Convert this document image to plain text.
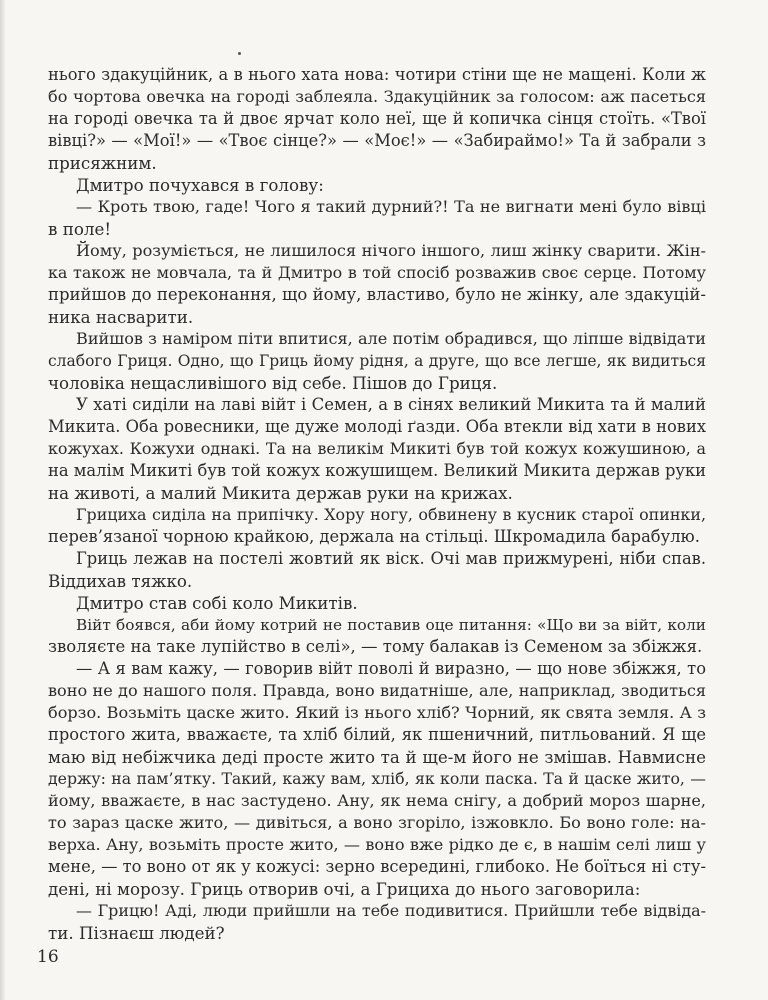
нього здакуційник, а в нього хата нова: чотири стіни ще не мащені. Коли ж
бо чортова овечка на городі заблеяла. Здакуційник за голосом: аж пасеться
на городі овечка та й двоє ярчат коло неї, ще й копичка сінця стоїть. «Твої
вівці?» — «Мої!» — «Твоє сінце?» — «Моє!» — «Забираймо!» Та й забрали з
присяжним.
Дмитро почухався в голову:
— Кроть твою, гаде! Чого я такий дурний?! Та не вигнати мені було вівці
в поле!
Йому, розуміється, не лишилося нічого іншого, лиш жінку сварити. Жін-
ка також не мовчала, та й Дмитро в той спосіб розважив своє серце. Потому
прийшов до переконання, що йому, властиво, було не жінку, але здакуцій-
ника насварити.
Вийшов з наміром піти впитися, але потім обрадився, що ліпше відвідати
слабого Гриця. Одно, що Гриць йому рідня, а друге, що все легше, як видиться
чоловіка нещасливішого від себе. Пішов до Гриця.
У хаті сиділи на лаві війт і Семен, а в сінях великий Микита та й малий
Микита. Оба ровесники, ще дуже молоді ґазди. Оба втекли від хати в нових
кожухах. Кожухи однакі. Та на великім Микиті був той кожух кожушиною, а
на малім Микиті був той кожух кожушищем. Великий Микита держав руки
на животі, а малий Микита держав руки на крижах.
Грициха сиділа на припічку. Хору ногу, обвинену в кусник старої опинки,
перев’язаної чорною крайкою, держала на стільці. Шкромадила барабулю.
Гриць лежав на постелі жовтий як віск. Очі мав прижмурені, ніби спав.
Віддихав тяжко.
Дмитро став собі коло Микитів.
Війт боявся, аби йому котрий не поставив оце питання: «Що ви за війт, коли
зволяєте на таке лупійство в селі», — тому балакав із Семеном за збіжжя.
— А я вам кажу, — говорив війт поволі й виразно, — що нове збіжжя, то
воно не до нашого поля. Правда, воно видатніше, але, наприклад, зводиться
борзо. Возьміть цаске жито. Який із нього хліб? Чорний, як свята земля. А з
простого жита, вважаєте, та хліб білий, як пшеничний, питльований. Я ще
маю від небіжчика деді просте жито та й ще-м його не змішав. Навмисне
держу: на пам’ятку. Такий, кажу вам, хліб, як коли паска. Та й цаске жито, —
йому, вважаєте, в нас застудено. Ану, як нема снігу, а добрий мороз шарне,
то зараз цаске жито, — дивіться, а воно згоріло, ізжовкло. Бо воно голе: на-
верха. Ану, возьміть просте жито, — воно вже рідко де є, в нашім селі лиш у
мене, — то воно от як у кожусі: зерно всередині, глибоко. Не боїться ні сту-
дені, ні морозу. Гриць отворив очі, а Грициха до нього заговорила:
— Грицю! Аді, люди прийшли на тебе подивитися. Прийшли тебе відвіда-
ти. Пізнаєш людей?
16
